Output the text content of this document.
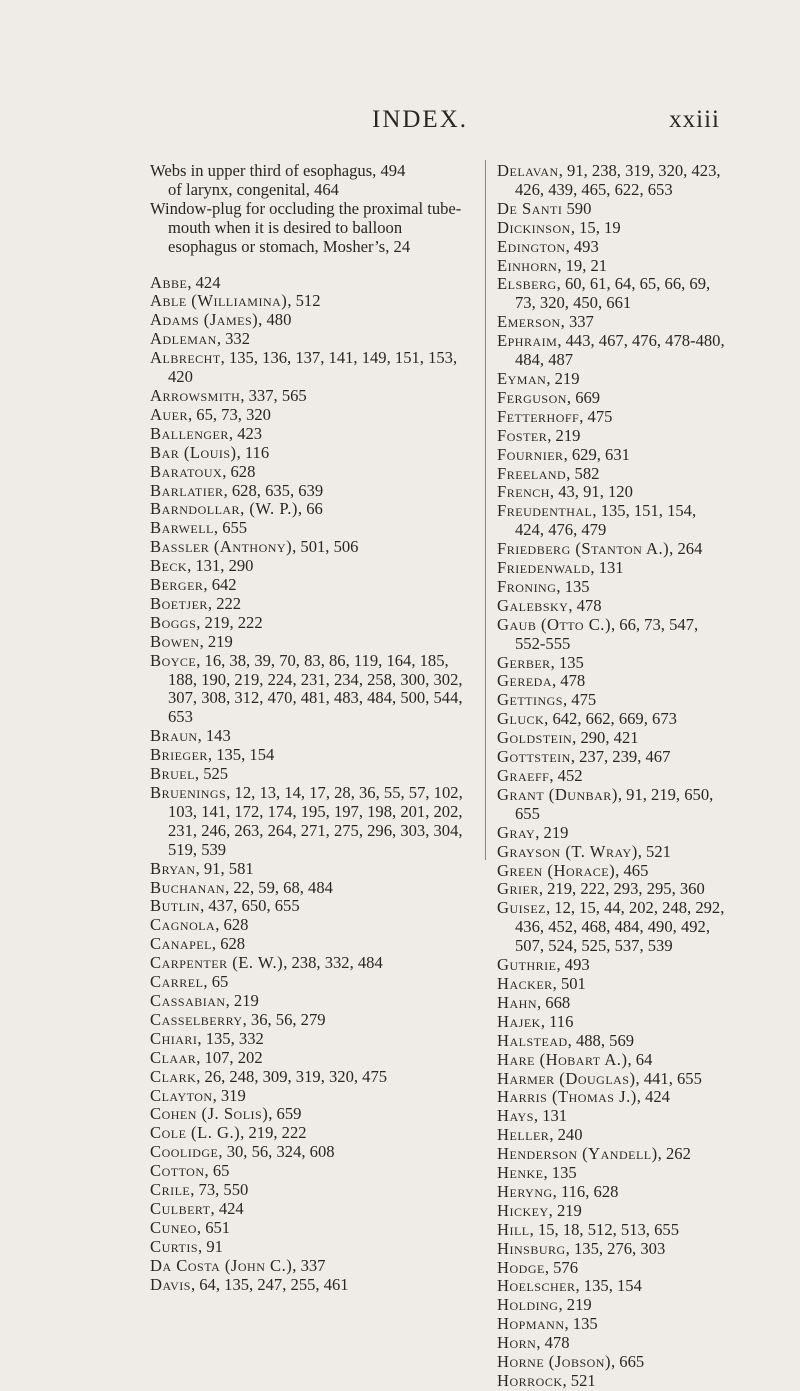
INDEX.	xxiii

Webs in upper third of esophagus, 494

of larynx, congenital, 464

Window-plug for occluding the proximal tube-mouth when it is desired to balloon esophagus or stomach, Mosher’s, 24

Abbe, 424

Able (Williamina), 512

Adams (James), 480

Adleman, 332

Albrecht, 135, 136, 137, 141, 149, 151, 153, 420

Arrowsmith, 337, 565

Auer, 65, 73, 320

Ballenger, 423

Bar (Louis), 116

Baratoux, 628

Barlatier, 628, 635, 639

Barndollar, (W. P.), 66

Barwell, 655

Bassler (Anthony), 501, 506

Beck, 131, 290

Berger, 642

Boetjer, 222

Boggs, 219, 222

Bowen, 219

Boyce, 16, 38, 39, 70, 83, 86, 119, 164, 185, 188, 190, 219, 224, 231, 234, 258, 300, 302, 307, 308, 312, 470, 481, 483, 484, 500, 544, 653

Braun, 143

Brieger, 135, 154

Bruel, 525

Bruenings, 12, 13, 14, 17, 28, 36, 55, 57, 102, 103, 141, 172, 174, 195, 197, 198, 201, 202, 231, 246, 263, 264, 271, 275, 296, 303, 304, 519, 539

Bryan, 91, 581

Buchanan, 22, 59, 68, 484

Butlin, 437, 650, 655

Cagnola, 628

Canapel, 628

Carpenter (E. W.), 238, 332, 484

Carrel, 65

Cassabian, 219

Casselberry, 36, 56, 279

Chiari, 135, 332

Claar, 107, 202

Clark, 26, 248, 309, 319, 320, 475

Clayton, 319

Cohen (J. Solis), 659

Cole (L. G.), 219, 222

Coolidge, 30, 56, 324, 608

Cotton, 65

Crile, 73, 550

Culbert, 424

Cuneo, 651

Curtis, 91

Da Costa (John C.), 337

Davis, 64, 135, 247, 255, 461

Delavan, 91, 238, 319, 320, 423, 426, 439, 465, 622, 653

De Santi 590

Dickinson, 15, 19

Edington, 493

Einhorn, 19, 21

Elsberg, 60, 61, 64, 65, 66, 69, 73, 320, 450, 661

Emerson, 337

Ephraim, 443, 467, 476, 478-480, 484, 487

Eyman, 219

Ferguson, 669

Fetterhoff, 475

Foster, 219

Fournier, 629, 631

Freeland, 582

French, 43, 91, 120

Freudenthal, 135, 151, 154, 424, 476, 479

Friedberg (Stanton A.), 264

Friedenwald, 131

Froning, 135

Galebsky, 478

Gaub (Otto C.), 66, 73, 547, 552-555

Gerber, 135

Gereda, 478

Gettings, 475

Gluck, 642, 662, 669, 673

Goldstein, 290, 421

Gottstein, 237, 239, 467

Graeff, 452

Grant (Dunbar), 91, 219, 650, 655

Gray, 219

Grayson (T. Wray), 521

Green (Horace), 465

Grier, 219, 222, 293, 295, 360

Guisez, 12, 15, 44, 202, 248, 292, 436, 452, 468, 484, 490, 492, 507, 524, 525, 537, 539

Guthrie, 493

Hacker, 501

Hahn, 668

Hajek, 116

Halstead, 488, 569

Hare (Hobart A.), 64

Harmer (Douglas), 441, 655

Harris (Thomas J.), 424

Hays, 131

Heller, 240

Henderson (Yandell), 262

Henke, 135

Heryng, 116, 628

Hickey, 219

Hill, 15, 18, 512, 513, 655

Hinsburg, 135, 276, 303

Hodge, 576

Hoelscher, 135, 154

Holding, 219

Hopmann, 135

Horn, 478

Horne (Jobson), 665

Horrock, 521
